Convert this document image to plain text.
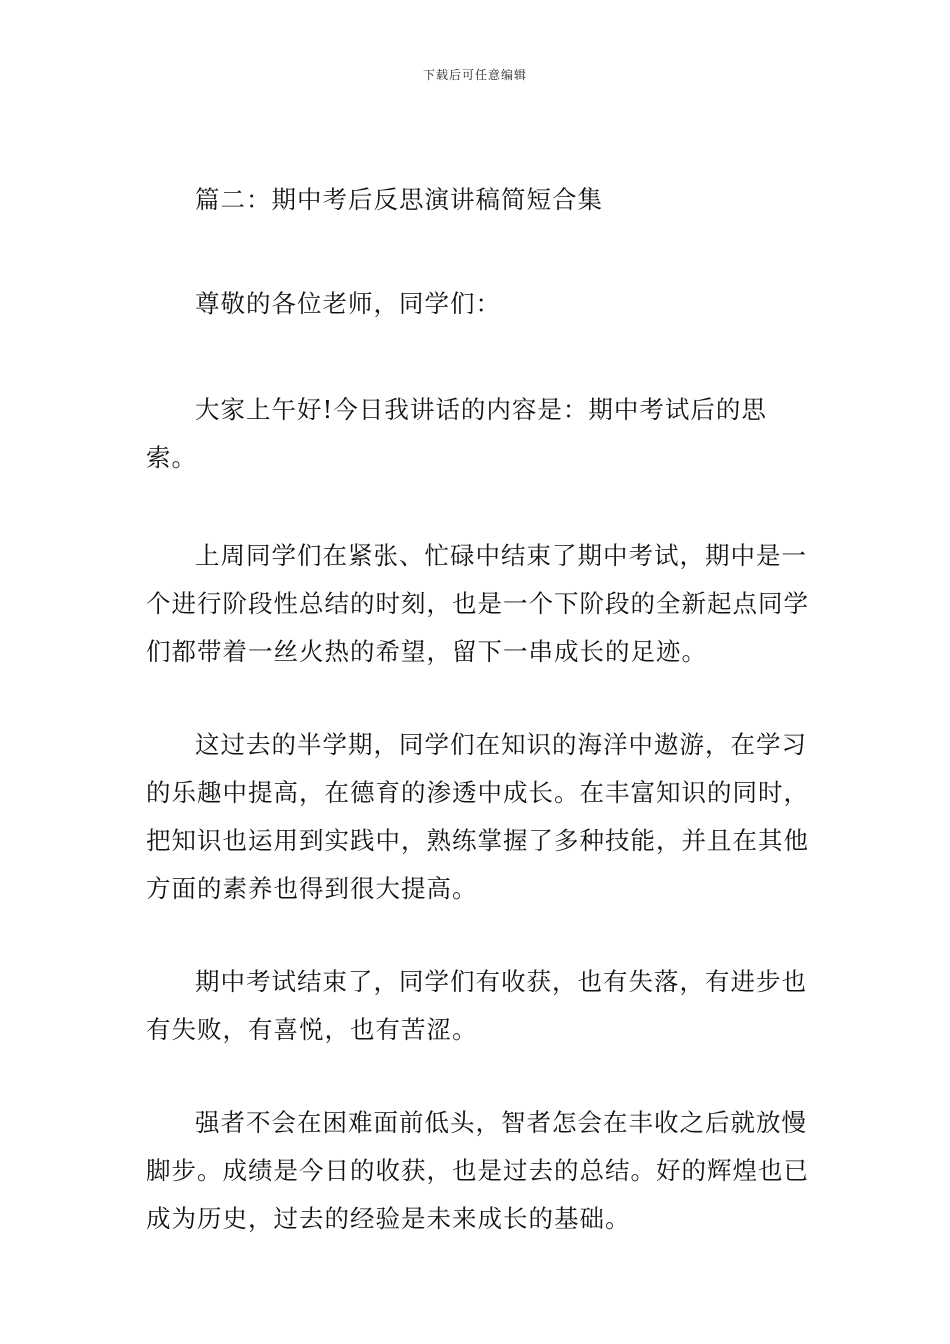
下载后可任意编辑

篇二：期中考后反思演讲稿简短合集

尊敬的各位老师，同学们：

大家上午好!今日我讲话的内容是：期中考试后的思索。

上周同学们在紧张、忙碌中结束了期中考试，期中是一个进行阶段性总结的时刻，也是一个下阶段的全新起点同学们都带着一丝火热的希望，留下一串成长的足迹。

这过去的半学期，同学们在知识的海洋中遨游，在学习的乐趣中提高，在德育的渗透中成长。在丰富知识的同时，把知识也运用到实践中，熟练掌握了多种技能，并且在其他方面的素养也得到很大提高。

期中考试结束了，同学们有收获，也有失落，有进步也有失败，有喜悦，也有苦涩。

强者不会在困难面前低头，智者怎会在丰收之后就放慢脚步。成绩是今日的收获，也是过去的总结。好的辉煌也已成为历史，过去的经验是未来成长的基础。
